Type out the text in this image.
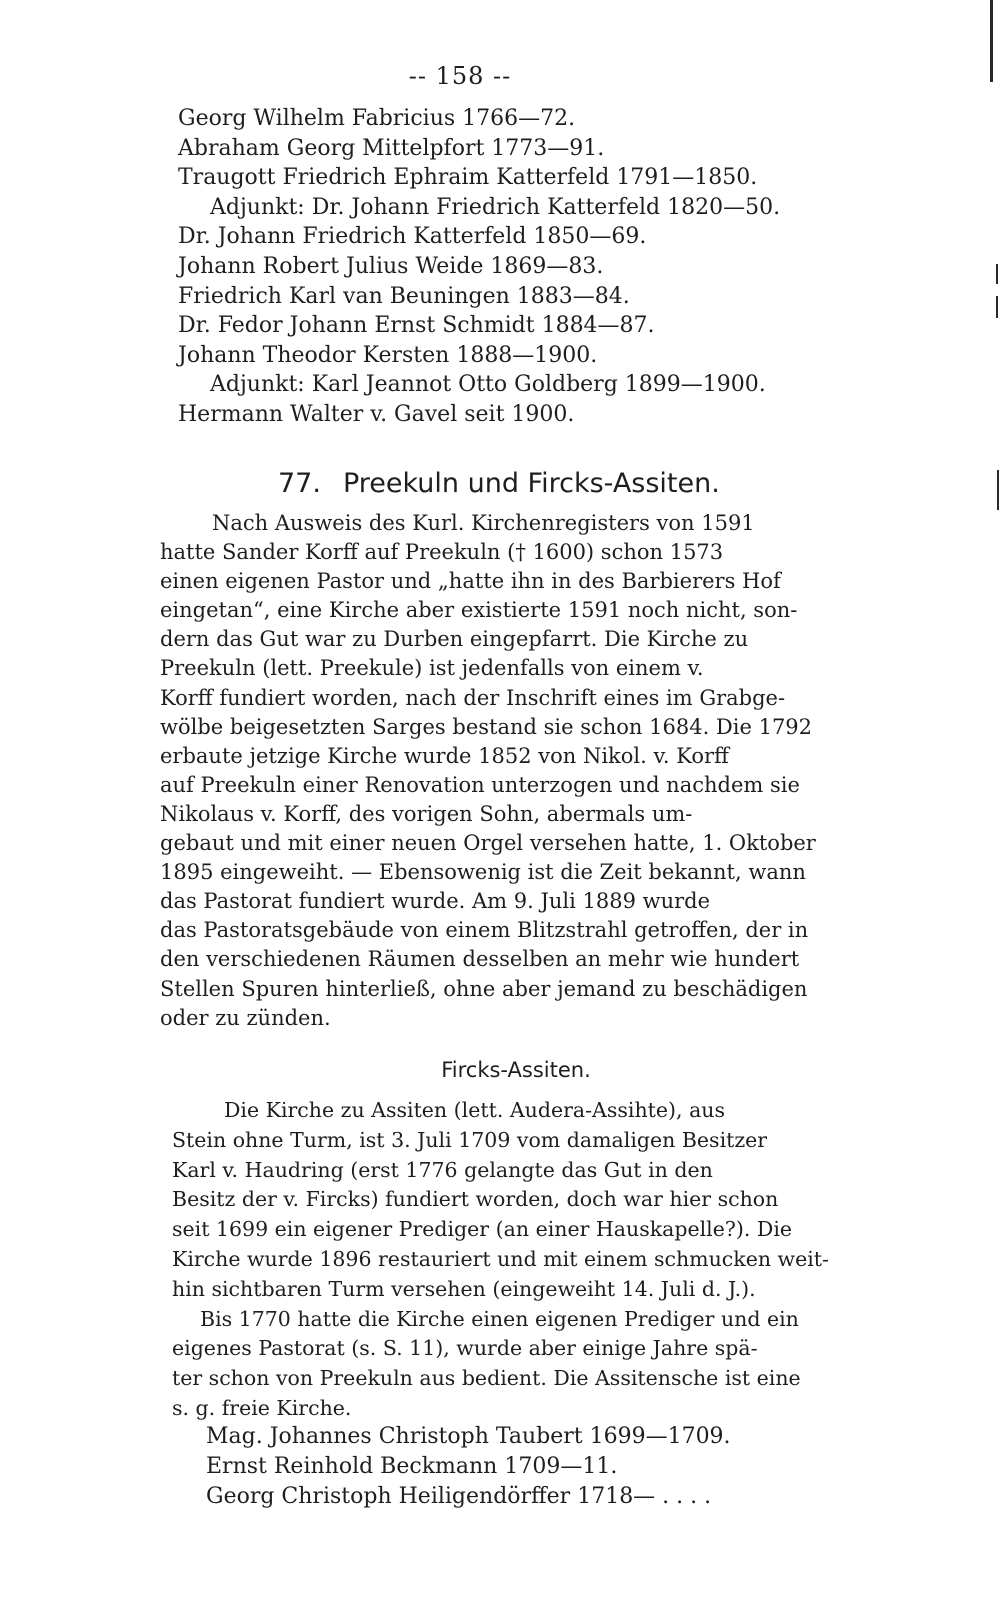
-- 158 --
Georg Wilhelm Fabricius 1766—72.
Abraham Georg Mittelpfort 1773—91.
Traugott Friedrich Ephraim Katterfeld 1791—1850.
Adjunkt: Dr. Johann Friedrich Katterfeld 1820—50.
Dr. Johann Friedrich Katterfeld 1850—69.
Johann Robert Julius Weide 1869—83.
Friedrich Karl van Beuningen 1883—84.
Dr. Fedor Johann Ernst Schmidt 1884—87.
Johann Theodor Kersten 1888—1900.
Adjunkt: Karl Jeannot Otto Goldberg 1899—1900.
Hermann Walter v. Gavel seit 1900.
77. Preekuln und Fircks-Assiten.
Nach Ausweis des Kurl. Kirchenregisters von 1591
hatte Sander Korff auf Preekuln († 1600) schon 1573
einen eigenen Pastor und „hatte ihn in des Barbierers Hof
eingetan“, eine Kirche aber existierte 1591 noch nicht, son-
dern das Gut war zu Durben eingepfarrt. Die Kirche zu
Preekuln (lett. Preekule) ist jedenfalls von einem v.
Korff fundiert worden, nach der Inschrift eines im Grabge-
wölbe beigesetzten Sarges bestand sie schon 1684. Die 1792
erbaute jetzige Kirche wurde 1852 von Nikol. v. Korff
auf Preekuln einer Renovation unterzogen und nachdem sie
Nikolaus v. Korff, des vorigen Sohn, abermals um-
gebaut und mit einer neuen Orgel versehen hatte, 1. Oktober
1895 eingeweiht. — Ebensowenig ist die Zeit bekannt, wann
das Pastorat fundiert wurde. Am 9. Juli 1889 wurde
das Pastoratsgebäude von einem Blitzstrahl getroffen, der in
den verschiedenen Räumen desselben an mehr wie hundert
Stellen Spuren hinterließ, ohne aber jemand zu beschädigen
oder zu zünden.
Fircks-Assiten.
Die Kirche zu Assiten (lett. Audera-Assihte), aus
Stein ohne Turm, ist 3. Juli 1709 vom damaligen Besitzer
Karl v. Haudring (erst 1776 gelangte das Gut in den
Besitz der v. Fircks) fundiert worden, doch war hier schon
seit 1699 ein eigener Prediger (an einer Hauskapelle?). Die
Kirche wurde 1896 restauriert und mit einem schmucken weit-
hin sichtbaren Turm versehen (eingeweiht 14. Juli d. J.).
Bis 1770 hatte die Kirche einen eigenen Prediger und ein
eigenes Pastorat (s. S. 11), wurde aber einige Jahre spä-
ter schon von Preekuln aus bedient. Die Assitensche ist eine
s. g. freie Kirche.
Mag. Johannes Christoph Taubert 1699—1709.
Ernst Reinhold Beckmann 1709—11.
Georg Christoph Heiligendörffer 1718— . . . .
